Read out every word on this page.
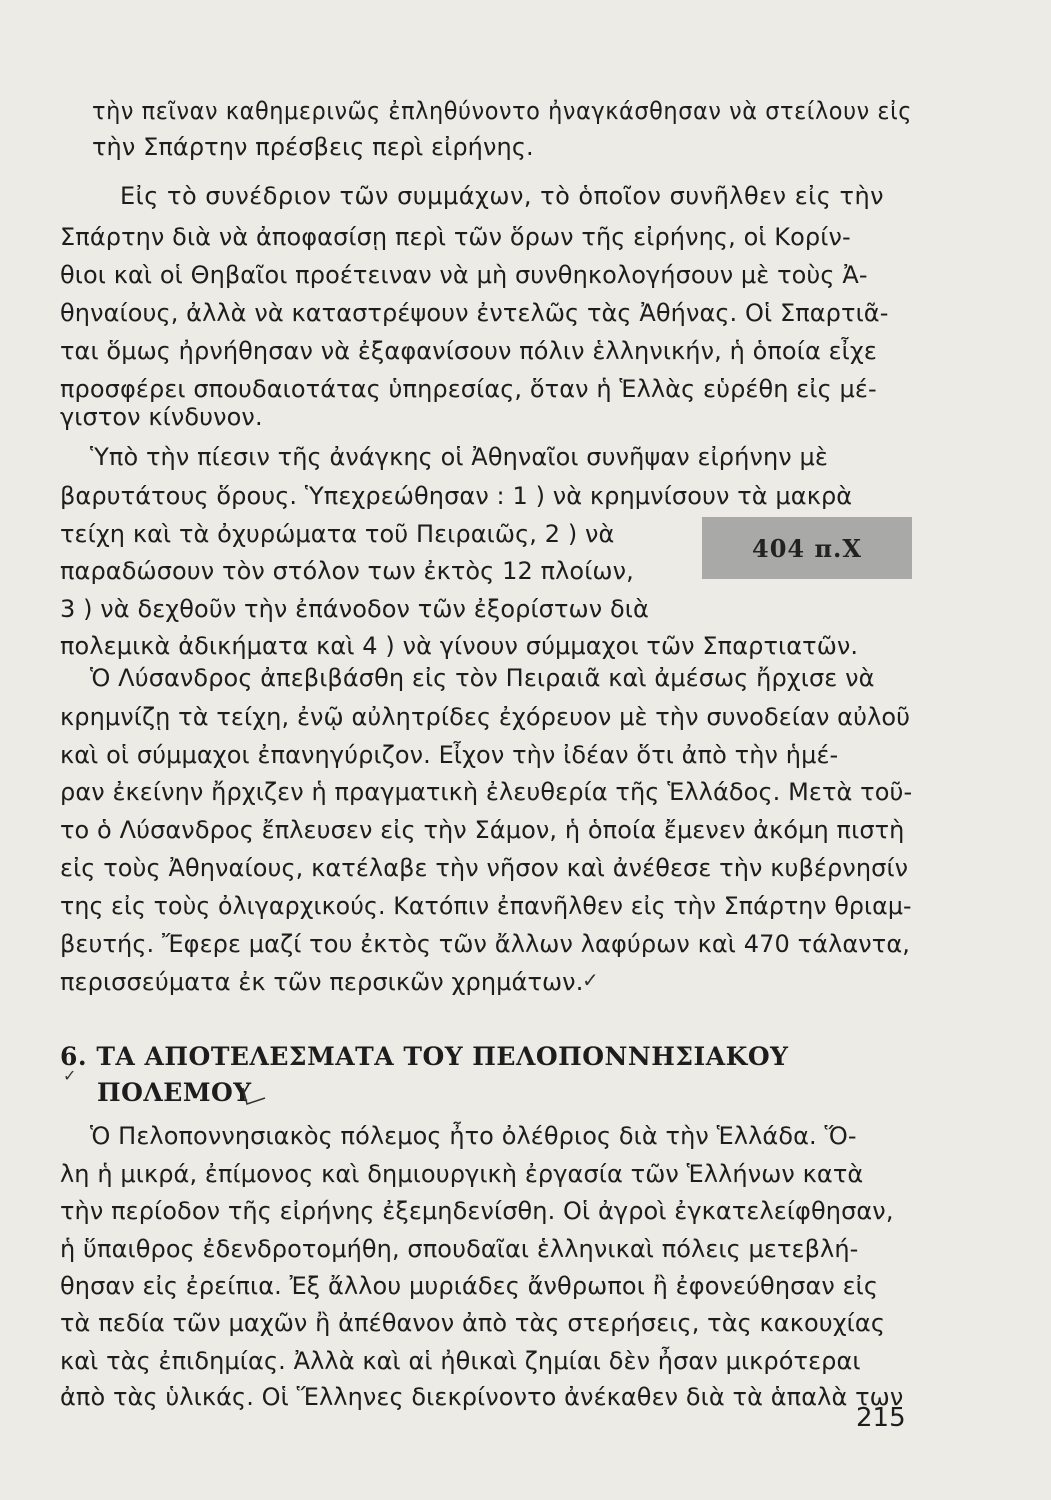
τὴν πεῖναν καθημερινῶς ἐπληθύνοντο ἠναγκάσθησαν νὰ στείλουν εἰς
τὴν Σπάρτην πρέσβεις περὶ εἰρήνης.
Εἰς τὸ συνέδριον τῶν συμμάχων, τὸ ὁποῖον συνῆλθεν εἰς τὴν
Σπάρτην διὰ νὰ ἀποφασίσῃ περὶ τῶν ὅρων τῆς εἰρήνης, οἱ Κορίν-
θιοι καὶ οἱ Θηβαῖοι προέτειναν νὰ μὴ συνθηκολογήσουν μὲ τοὺς Ἀ-
θηναίους, ἀλλὰ νὰ καταστρέψουν ἐντελῶς τὰς Ἀθήνας. Οἱ Σπαρτιᾶ-
ται ὅμως ἠρνήθησαν νὰ ἐξαφανίσουν πόλιν ἑλληνικήν, ἡ ὁποία εἶχε
προσφέρει σπουδαιοτάτας ὑπηρεσίας, ὅταν ἡ Ἑλλὰς εὑρέθη εἰς μέ-
γιστον κίνδυνον.
Ὑπὸ τὴν πίεσιν τῆς ἀνάγκης οἱ Ἀθηναῖοι συνῆψαν εἰρήνην μὲ
βαρυτάτους ὅρους. Ὑπεχρεώθησαν : 1 ) νὰ κρημνίσουν τὰ μακρὰ
τείχη καὶ τὰ ὀχυρώματα τοῦ Πειραιῶς, 2 ) νὰ
παραδώσουν τὸν στόλον των ἐκτὸς 12 πλοίων,
3 ) νὰ δεχθοῦν τὴν ἐπάνοδον τῶν ἐξορίστων διὰ
πολεμικὰ ἀδικήματα καὶ 4 ) νὰ γίνουν σύμμαχοι τῶν Σπαρτιατῶν.
404 π.Χ
Ὁ Λύσανδρος ἀπεβιβάσθη εἰς τὸν Πειραιᾶ καὶ ἀμέσως ἤρχισε νὰ
κρημνίζῃ τὰ τείχη, ἐνῷ αὐλητρίδες ἐχόρευον μὲ τὴν συνοδείαν αὐλοῦ
καὶ οἱ σύμμαχοι ἐπανηγύριζον. Εἶχον τὴν ἰδέαν ὅτι ἀπὸ τὴν ἡμέ-
ραν ἐκείνην ἤρχιζεν ἡ πραγματικὴ ἐλευθερία τῆς Ἑλλάδος. Μετὰ τοῦ-
το ὁ Λύσανδρος ἔπλευσεν εἰς τὴν Σάμον, ἡ ὁποία ἔμενεν ἀκόμη πιστὴ
εἰς τοὺς Ἀθηναίους, κατέλαβε τὴν νῆσον καὶ ἀνέθεσε τὴν κυβέρνησίν
της εἰς τοὺς ὀλιγαρχικούς. Κατόπιν ἐπανῆλθεν εἰς τὴν Σπάρτην θριαμ-
βευτής. Ἔφερε μαζί του ἐκτὸς τῶν ἄλλων λαφύρων καὶ 470 τάλαντα,
περισσεύματα ἐκ τῶν περσικῶν χρημάτων.
✓
6. ΤΑ ΑΠΟΤΕΛΕΣΜΑΤΑ ΤΟΥ ΠΕΛΟΠΟΝΝΗΣΙΑΚΟΥ
✓
ΠΟΛΕΜΟΥ
Ὁ Πελοποννησιακὸς πόλεμος ἦτο ὀλέθριος διὰ τὴν Ἑλλάδα. Ὅ-
λη ἡ μικρά, ἐπίμονος καὶ δημιουργικὴ ἐργασία τῶν Ἑλλήνων κατὰ
τὴν περίοδον τῆς εἰρήνης ἐξεμηδενίσθη. Οἱ ἀγροὶ ἐγκατελείφθησαν,
ἡ ὕπαιθρος ἐδενδροτομήθη, σπουδαῖαι ἑλληνικαὶ πόλεις μετεβλή-
θησαν εἰς ἐρείπια. Ἐξ ἄλλου μυριάδες ἄνθρωποι ἢ ἐφονεύθησαν εἰς
τὰ πεδία τῶν μαχῶν ἢ ἀπέθανον ἀπὸ τὰς στερήσεις, τὰς κακουχίας
καὶ τὰς ἐπιδημίας. Ἀλλὰ καὶ αἱ ἠθικαὶ ζημίαι δὲν ἦσαν μικρότεραι
ἀπὸ τὰς ὑλικάς. Οἱ Ἕλληνες διεκρίνοντο ἀνέκαθεν διὰ τὰ ἁπαλὰ των
215
